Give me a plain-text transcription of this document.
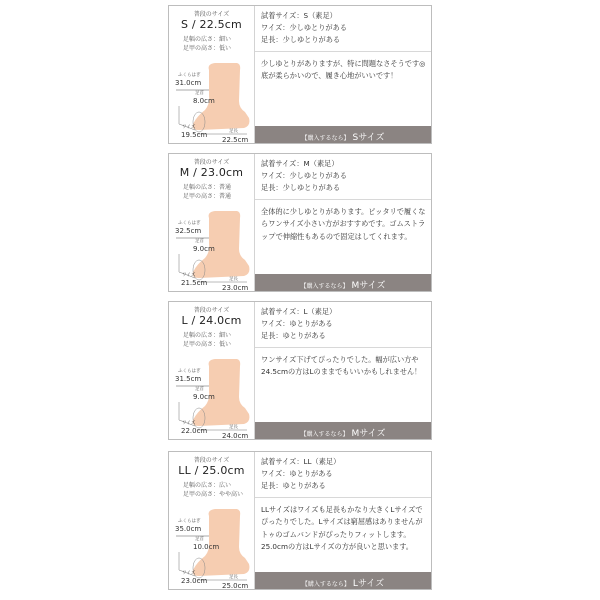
普段のサイズ
S / 22.5cm
足幅の広さ：細い
足甲の高さ：低い
ふくらはぎ
31.0cm
足首
8.0cm
ワイズ
19.5cm	足長
22.5cm
試着サイズ：S（素足）
ワイズ：少しゆとりがある
足長：少しゆとりがある
少しゆとりがありますが、特に問題なさそうです◎底が柔らかいので、履き心地がいいです！
【購入するなら】 Sサイズ
普段のサイズ
M / 23.0cm
足幅の広さ：普通
足甲の高さ：普通
ふくらはぎ
32.5cm
足首
9.0cm
ワイズ
21.5cm	足長
23.0cm
試着サイズ：M（素足）
ワイズ：少しゆとりがある
足長：少しゆとりがある
全体的に少しゆとりがあります。ピッタリで履くならワンサイズ小さい方がおすすめです。ゴムストラップで伸縮性もあるので固定はしてくれます。
【購入するなら】 Mサイズ
普段のサイズ
L / 24.0cm
足幅の広さ：細い
足甲の高さ：低い
ふくらはぎ
31.5cm
足首
9.0cm
ワイズ
22.0cm	足長
24.0cm
試着サイズ：L（素足）
ワイズ：ゆとりがある
足長：ゆとりがある
ワンサイズ下げてぴったりでした。幅が広い方や24.5cmの方はLのままでもいいかもしれません！
【購入するなら】 Mサイズ
普段のサイズ
LL / 25.0cm
足幅の広さ：広い
足甲の高さ：やや高い
ふくらはぎ
35.0cm
足首
10.0cm
ワイズ
23.0cm	足長
25.0cm
試着サイズ：LL（素足）
ワイズ：ゆとりがある
足長：ゆとりがある
LLサイズはワイズも足長もかなり大きくLサイズでぴったりでした。Lサイズは窮屈感はありませんがトゥのゴムバンドがぴったりフィットします。25.0cmの方はLサイズの方が良いと思います。
【購入するなら】 Lサイズ
